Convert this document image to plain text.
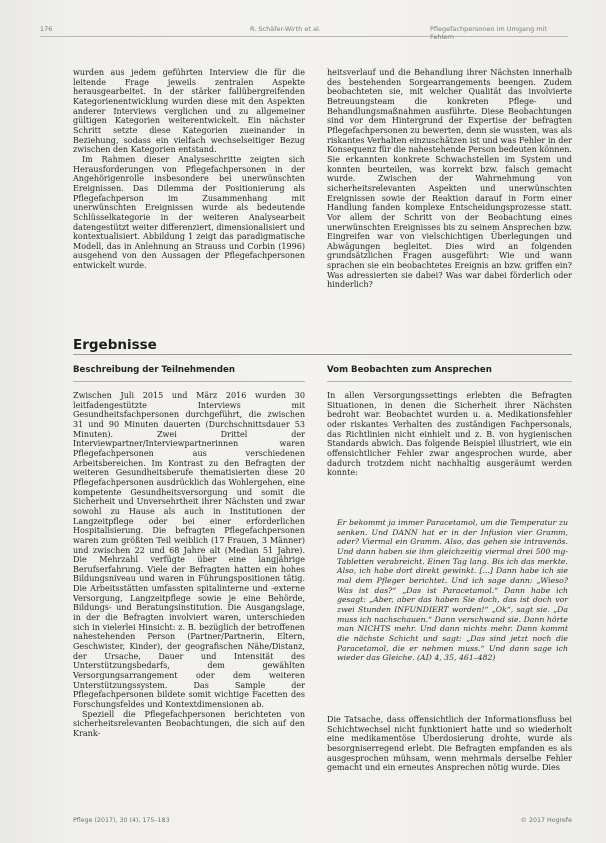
176	R. Schäfer-Wirth et al.	Pflegefachpersonen im Umgang mit Fehlern

wurden aus jedem geführten Interview die für die leitende Frage jeweils zentralen Aspekte herausgearbeitet. In der stärker fallübergreifenden Kategorienentwicklung wurden diese mit den Aspekten anderer Interviews verglichen und zu allgemeiner gültigen Kategorien weiterentwickelt. Ein nächster Schritt setzte diese Kategorien zueinander in Beziehung, sodass ein vielfach wechselseitiger Bezug zwischen den Kategorien entstand.

Im Rahmen dieser Analyseschritte zeigten sich Herausforderungen von Pflegefachpersonen in der Angehörigenrolle insbesondere bei unerwünschten Ereignissen. Das Dilemma der Positionierung als Pflegefachperson im Zusammenhang mit unerwünschten Ereignissen wurde als bedeutende Schlüsselkategorie in der weiteren Analysearbeit datengestützt weiter differenziert, dimensionalisiert und kontextualisiert. Abbildung 1 zeigt das paradigmatische Modell, das in Anlehnung an Strauss und Corbin (1996) ausgehend von den Aussagen der Pflegefachpersonen entwickelt wurde.

heitsverlauf und die Behandlung ihrer Nächsten innerhalb des bestehenden Sorgearrangements beengen. Zudem beobachteten sie, mit welcher Qualität das involvierte Betreuungsteam die konkreten Pflege- und Behandlungsmaßnahmen ausführte. Diese Beobachtungen sind vor dem Hintergrund der Expertise der befragten Pflegefachpersonen zu bewerten, denn sie wussten, was als riskantes Verhalten einzuschätzen ist und was Fehler in der Konsequenz für die nahestehende Person bedeuten können. Sie erkannten konkrete Schwachstellen im System und konnten beurteilen, was korrekt bzw. falsch gemacht wurde. Zwischen der Wahrnehmung von sicherheitsrelevanten Aspekten und unerwünschten Ereignissen sowie der Reaktion darauf in Form einer Handlung fanden komplexe Entscheidungsprozesse statt. Vor allem der Schritt von der Beobachtung eines unerwünschten Ereignisses bis zu seinem Ansprechen bzw. Eingreifen war von vielschichtigen Überlegungen und Abwägungen begleitet. Dies wird an folgenden grundsätzlichen Fragen ausgeführt: Wie und wann sprachen sie ein beobachtetes Ereignis an bzw. griffen ein? Was adressierten sie dabei? Was war dabei förderlich oder hinderlich?

Ergebnisse
Beschreibung der Teilnehmenden	Vom Beobachten zum Ansprechen

Zwischen Juli 2015 und März 2016 wurden 30 leitfadengestützte Interviews mit Gesundheitsfachpersonen durchgeführt, die zwischen 31 und 90 Minuten dauerten (Durchschnittsdauer 53 Minuten). Zwei Drittel der Interviewpartner/Interviewpartnerinnen waren Pflegefachpersonen aus verschiedenen Arbeitsbereichen. Im Kontrast zu den Befragten der weiteren Gesundheitsberufe thematisierten diese 20 Pflegefachpersonen ausdrücklich das Wohlergehen, eine kompetente Gesundheitsversorgung und somit die Sicherheit und Unversehrtheit ihrer Nächsten und zwar sowohl zu Hause als auch in Institutionen der Langzeitpflege oder bei einer erforderlichen Hospitalisierung. Die befragten Pflegefachpersonen waren zum größten Teil weiblich (17 Frauen, 3 Männer) und zwischen 22 und 68 Jahre alt (Median 51 Jahre). Die Mehrzahl verfügte über eine langjährige Berufserfahrung. Viele der Befragten hatten ein hohes Bildungsniveau und waren in Führungspositionen tätig. Die Arbeitsstätten umfassten spitalinterne und -externe Versorgung, Langzeitpflege sowie je eine Behörde, Bildungs- und Beratungsinstitution. Die Ausgangslage, in der die Befragten involviert waren, unterschieden sich in vielerlei Hinsicht: z. B. bezüglich der betroffenen nahestehenden Person (Partner/Partnerin, Eltern, Geschwister, Kinder), der geografischen Nähe/Distanz, der Ursache, Dauer und Intensität des Unterstützungsbedarfs, dem gewählten Versorgungsarrangement oder dem weiteren Unterstützungssystem. Das Sample der Pflegefachpersonen bildete somit wichtige Facetten des Forschungsfeldes und Kontextdimensionen ab.

Speziell die Pflegefachpersonen berichteten von sicherheitsrelevanten Beobachtungen, die sich auf den Krank-

In allen Versorgungssettings erlebten die Befragten Situationen, in denen die Sicherheit ihrer Nächsten bedroht war. Beobachtet wurden u. a. Medikationsfehler oder riskantes Verhalten des zuständigen Fachpersonals, das Richtlinien nicht einhielt und z. B. von hygienischen Standards abwich. Das folgende Beispiel illustriert, wie ein offensichtlicher Fehler zwar angesprochen wurde, aber dadurch trotzdem nicht nachhaltig ausgeräumt werden konnte:

Er bekommt ja immer Paracetamol, um die Temperatur zu senken. Und DANN hat er in der Infusion vier Gramm, oder? Viermal ein Gramm. Also, das gehen sie intravenös. Und dann haben sie ihm gleichzeitig viermal drei 500 mg-Tabletten verabreicht. Einen Tag lang. Bis ich das merkte. Also, ich habe dort direkt gewinkt. [...] Dann habe ich sie mal dem Pfleger berichtet. Und ich sage dann: „Wieso? Was ist das?“ „Das ist Paracetamol.“ Dann habe ich gesagt: „Aber, aber das haben Sie doch, das ist doch vor zwei Stunden INFUNDIERT worden!“ „Ok“, sagt sie. „Da muss ich nachschauen.“ Dann verschwand sie. Dann hörte man NICHTS mehr. Und dann nichts mehr. Dann kommt die nächste Schicht und sagt: „Das sind jetzt noch die Paracetamol, die er nehmen muss.“ Und dann sage ich wieder das Gleiche. (AD 4, 35, 461–482)

Die Tatsache, dass offensichtlich der Informationsfluss bei Schichtwechsel nicht funktioniert hatte und so wiederholt eine medikamentöse Überdosierung drohte, wurde als besorgniserregend erlebt. Die Befragten empfanden es als ausgesprochen mühsam, wenn mehrmals derselbe Fehler gemacht und ein erneutes Ansprechen nötig wurde. Dies

Pflege (2017), 30 (4), 175–183	© 2017 Hogrefe
